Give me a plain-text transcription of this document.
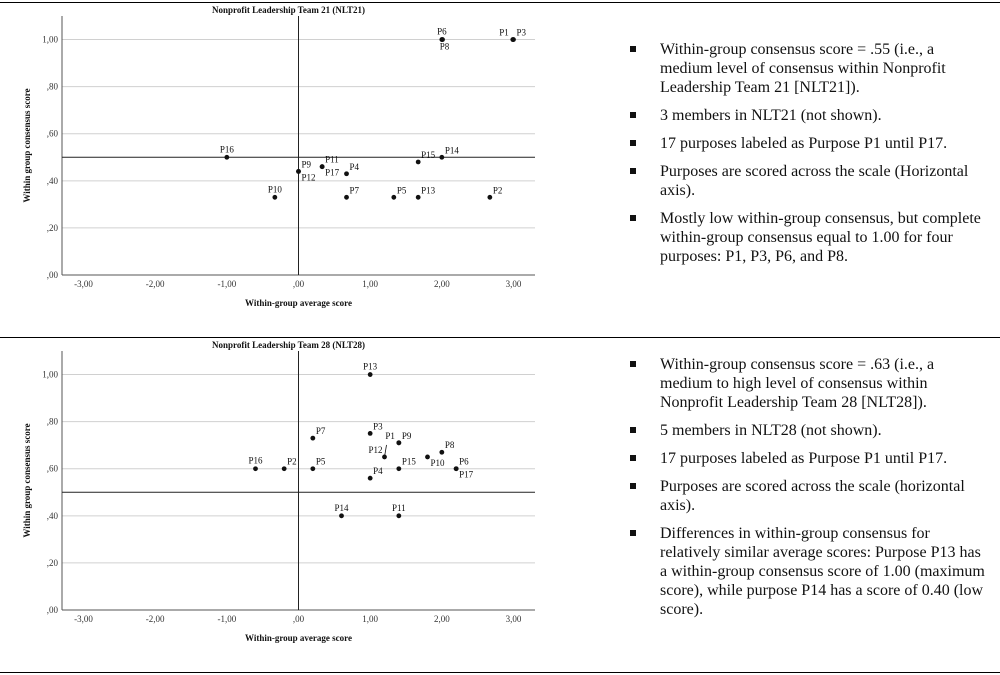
,00
,20
,40
,60
,80
1,00
-3,00	-2,00	-1,00	,00	1,00	2,00	3,00
Nonprofit Leadership Team 21 (NLT21)
Within-group average score
Within group consensus score
P1 P3
P6
P8
P16
P9
P12
P11
P17
P4
P15 P14
P10	P7	P5 P13	P2
Within-group consensus score = .55 (i.e., a medium level of consensus within Nonprofit Leadership Team 21 [NLT21]).
3 members in NLT21 (not shown).
17 purposes labeled as Purpose P1 until P17.
Purposes are scored across the scale (Horizontal axis).
Mostly low within-group consensus, but complete within-group consensus equal to 1.00 for four purposes: P1, P3, P6, and P8.
,00
,20
,40
,60
,80
1,00
-3,00	-2,00	-1,00	,00	1,00	2,00	3,00
Nonprofit Leadership Team 28 (NLT28)
Within-group average score
Within group consensus score
P13
P7	P3
P1 P9
P12	P8
P10 P6
P17
P16	P2 P5	P15
P4
P14	P11
Within-group consensus score = .63 (i.e., a medium to high level of consensus within Nonprofit Leadership Team 28 [NLT28]).
5 members in NLT28 (not shown).
17 purposes labeled as Purpose P1 until P17.
Purposes are scored across the scale (horizontal axis).
Differences in within-group consensus for relatively similar average scores: Purpose P13 has a within-group consensus score of 1.00 (maximum score), while purpose P14 has a score of 0.40 (low score).
